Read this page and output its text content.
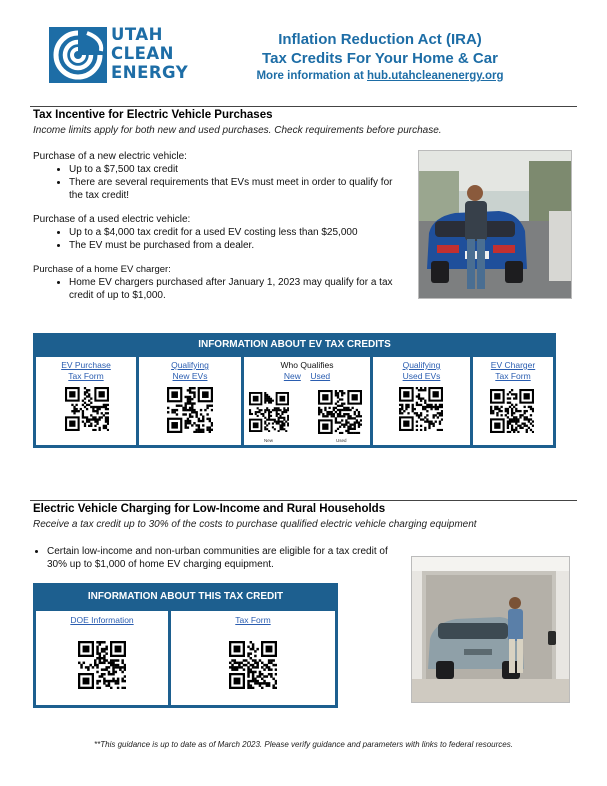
UTAH
CLEAN
ENERGY
Inflation Reduction Act (IRA)
Tax Credits For Your Home & Car
More information at hub.utahcleanenergy.org
Tax Incentive for Electric Vehicle Purchases
Income limits apply for both new and used purchases. Check requirements before purchase.
Purchase of a new electric vehicle:
• Up to a $7,500 tax credit
• There are several requirements that EVs must meet in order to qualify for the tax credit!
Purchase of a used electric vehicle:
• Up to a $4,000 tax credit for a used EV costing less than $25,000
• The EV must be purchased from a dealer.
Purchase of a home EV charger:
• Home EV chargers purchased after January 1, 2023 may qualify for a tax credit of up to $1,000.
INFORMATION ABOUT EV TAX CREDITS
EV Purchase
Tax Form
Qualifying
New EVs
Who Qualifies
New Used
New	Used
Qualifying
Used EVs
EV Charger
Tax Form
Electric Vehicle Charging for Low-Income and Rural Households
Receive a tax credit up to 30% of the costs to purchase qualified electric vehicle charging equipment
• Certain low-income and non-urban communities are eligible for a tax credit of 30% up to $1,000 of home EV charging equipment.
INFORMATION ABOUT THIS TAX CREDIT
DOE Information	Tax Form
**This guidance is up to date as of March 2023. Please verify guidance and parameters with links to federal resources.
